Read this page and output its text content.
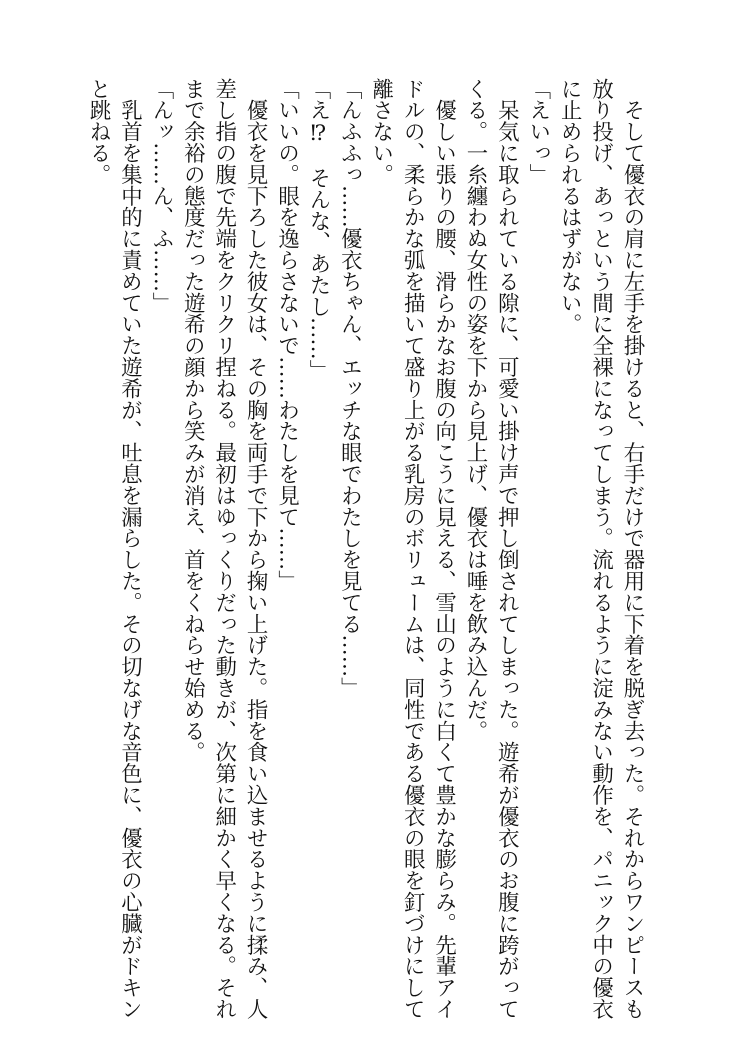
　そして優衣の肩に左手を掛けると、右手だけで器用に下着を脱ぎ去った。それからワンピースも
放り投げ、あっという間に全裸になってしまう。流れるように淀みない動作を、パニック中の優衣
に止められるはずがない。
「えいっ」
　呆気に取られている隙に、可愛い掛け声で押し倒されてしまった。遊希が優衣のお腹に跨がって
くる。一糸纏わぬ女性の姿を下から見上げ、優衣は唾を飲み込んだ。
　優しい張りの腰、滑らかなお腹の向こうに見える、雪山のように白くて豊かな膨らみ。先輩アイ
ドルの、柔らかな弧を描いて盛り上がる乳房のボリュームは、同性である優衣の眼を釘づけにして
離さない。
「んふふっ……優衣ちゃん、エッチな眼でわたしを見てる……」
「え⁉　そんな、あたし……」
「いいの。眼を逸らさないで……わたしを見て……」
　優衣を見下ろした彼女は、その胸を両手で下から掬い上げた。指を食い込ませるように揉み、人
差し指の腹で先端をクリクリ捏ねる。最初はゆっくりだった動きが、次第に細かく早くなる。それ
まで余裕の態度だった遊希の顔から笑みが消え、首をくねらせ始める。
「んッ……ん、ふ……」
　乳首を集中的に責めていた遊希が、吐息を漏らした。その切なげな音色に、優衣の心臓がドキン
と跳ねる。
